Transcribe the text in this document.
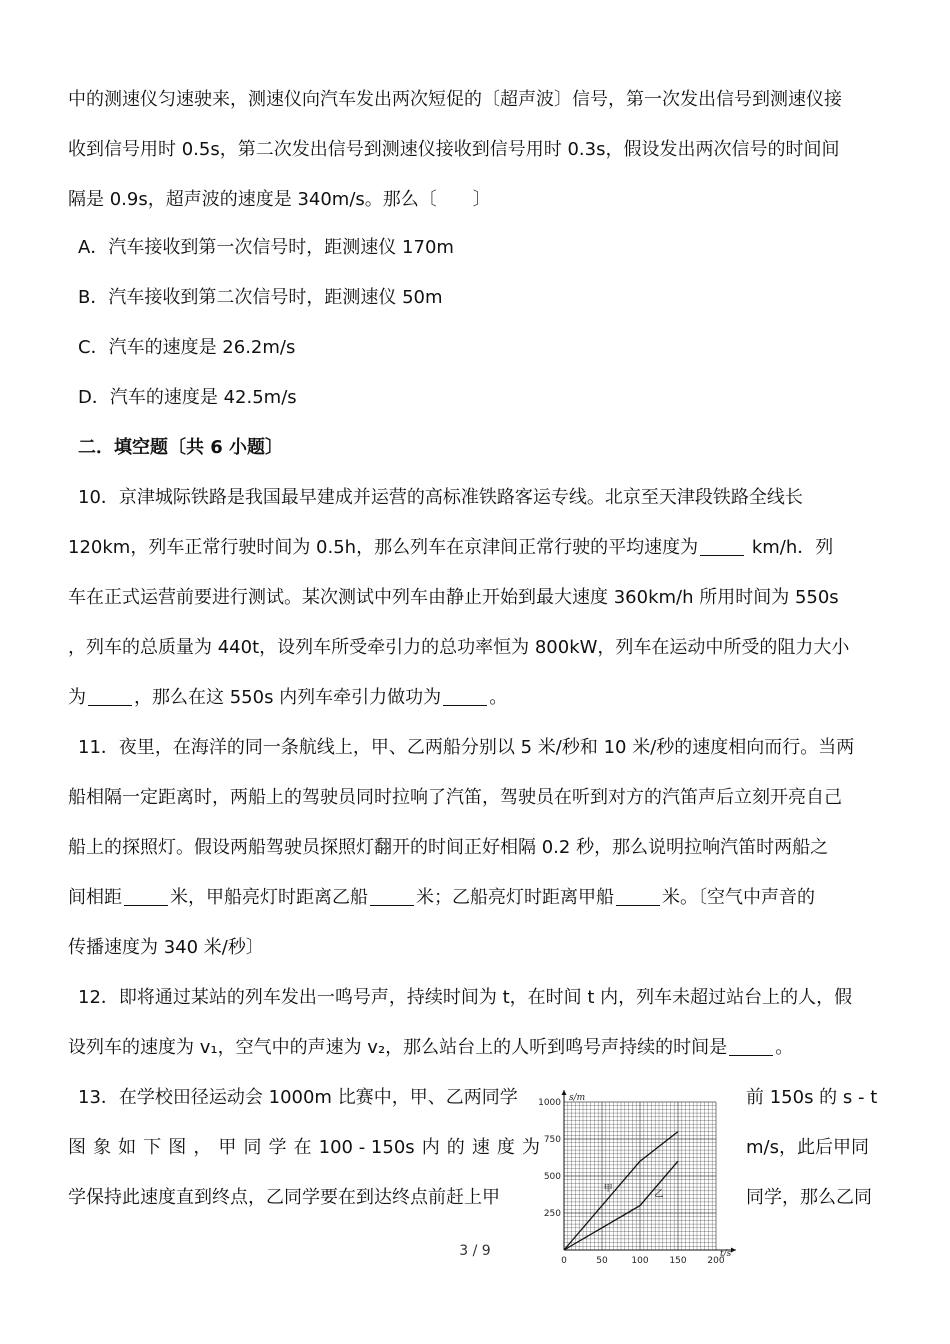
中的测速仪匀速驶来，测速仪向汽车发出两次短促的〔超声波〕信号，第一次发出信号到测速仪接
收到信号用时 0.5s，第二次发出信号到测速仪接收到信号用时 0.3s，假设发出两次信号的时间间
隔是 0.9s，超声波的速度是 340m/s。那么〔　　〕
A．汽车接收到第一次信号时，距测速仪 170m
B．汽车接收到第二次信号时，距测速仪 50m
C．汽车的速度是 26.2m/s
D．汽车的速度是 42.5m/s
二．填空题〔共 6 小题〕
10．京津城际铁路是我国最早建成并运营的高标准铁路客运专线。北京至天津段铁路全线长
120km，列车正常行驶时间为 0.5h，那么列车在京津间正常行驶的平均速度为	km/h．列
车在正式运营前要进行测试。某次测试中列车由静止开始到最大速度 360km/h 所用时间为 550s
，列车的总质量为 440t，设列车所受牵引力的总功率恒为 800kW，列车在运动中所受的阻力大小
为	，那么在这 550s 内列车牵引力做功为	。
11．夜里，在海洋的同一条航线上，甲、乙两船分别以 5 米/秒和 10 米/秒的速度相向而行。当两
船相隔一定距离时，两船上的驾驶员同时拉响了汽笛，驾驶员在听到对方的汽笛声后立刻开亮自己
船上的探照灯。假设两船驾驶员探照灯翻开的时间正好相隔 0.2 秒，那么说明拉响汽笛时两船之
间相距	米，甲船亮灯时距离乙船	米；乙船亮灯时距离甲船	米。〔空气中声音的
传播速度为 340 米/秒〕
12．即将通过某站的列车发出一鸣号声，持续时间为 t，在时间 t 内，列车未超过站台上的人，假
设列车的速度为 v₁，空气中的声速为 v₂，那么站台上的人听到鸣号声持续的时间是	。
13．在学校田径运动会 1000m 比赛中，甲、乙两同学	前 150s 的 s - t
图 象 如 下 图 ， 甲 同 学 在 100 - 150s 内 的 速 度 为	m/s，此后甲同
学保持此速度直到终点，乙同学要在到达终点前赶上甲	同学，那么乙同
0	50	100 150 200
250
500
750
1000
甲
乙
t/s
s/m
3 / 9
